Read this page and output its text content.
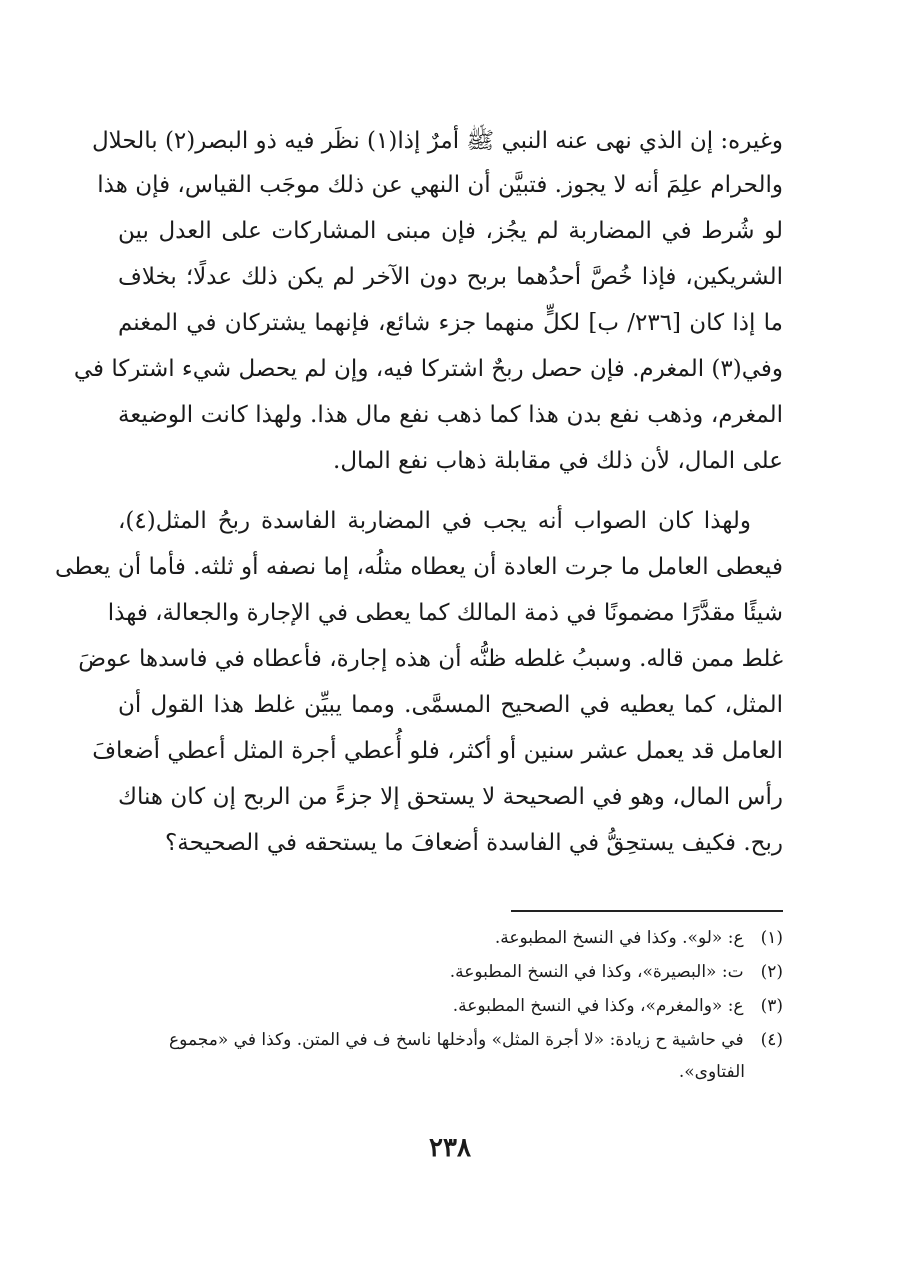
وغيره: إن الذي نهى عنه النبي ﷺ أمرٌ إذا(١) نظَر فيه ذو البصر(٢) بالحلال
والحرام علِمَ أنه لا يجوز. فتبيَّن أن النهي عن ذلك موجَب القياس، فإن هذا
لو شُرط في المضاربة لم يجُز، فإن مبنى المشاركات على العدل بين
الشريكين، فإذا خُصَّ أحدُهما بربح دون الآخر لم يكن ذلك عدلًا؛ بخلاف
ما إذا كان [٢٣٦/ ب] لكلٍّ منهما جزء شائع، فإنهما يشتركان في المغنم
وفي(٣) المغرم. فإن حصل ربحٌ اشتركا فيه، وإن لم يحصل شيء اشتركا في
المغرم، وذهب نفع بدن هذا كما ذهب نفع مال هذا. ولهذا كانت الوضيعة
على المال، لأن ذلك في مقابلة ذهاب نفع المال.
ولهذا كان الصواب أنه يجب في المضاربة الفاسدة ربحُ المثل(٤)،
فيعطى العامل ما جرت العادة أن يعطاه مثلُه، إما نصفه أو ثلثه. فأما أن يعطى
شيئًا مقدَّرًا مضمونًا في ذمة المالك كما يعطى في الإجارة والجعالة، فهذا
غلط ممن قاله. وسببُ غلطه ظنُّه أن هذه إجارة، فأعطاه في فاسدها عوضَ
المثل، كما يعطيه في الصحيح المسمَّى. ومما يبيِّن غلط هذا القول أن
العامل قد يعمل عشر سنين أو أكثر، فلو أُعطي أجرة المثل أعطي أضعافَ
رأس المال، وهو في الصحيحة لا يستحق إلا جزءً من الربح إن كان هناك
ربح. فكيف يستحِقُّ في الفاسدة أضعافَ ما يستحقه في الصحيحة؟
(١) ع: «لو». وكذا في النسخ المطبوعة.
(٢) ت: «البصيرة»، وكذا في النسخ المطبوعة.
(٣) ع: «والمغرم»، وكذا في النسخ المطبوعة.
(٤) في حاشية ح زيادة: «لا أجرة المثل» وأدخلها ناسخ ف في المتن. وكذا في «مجموع
الفتاوى».
٢٣٨
